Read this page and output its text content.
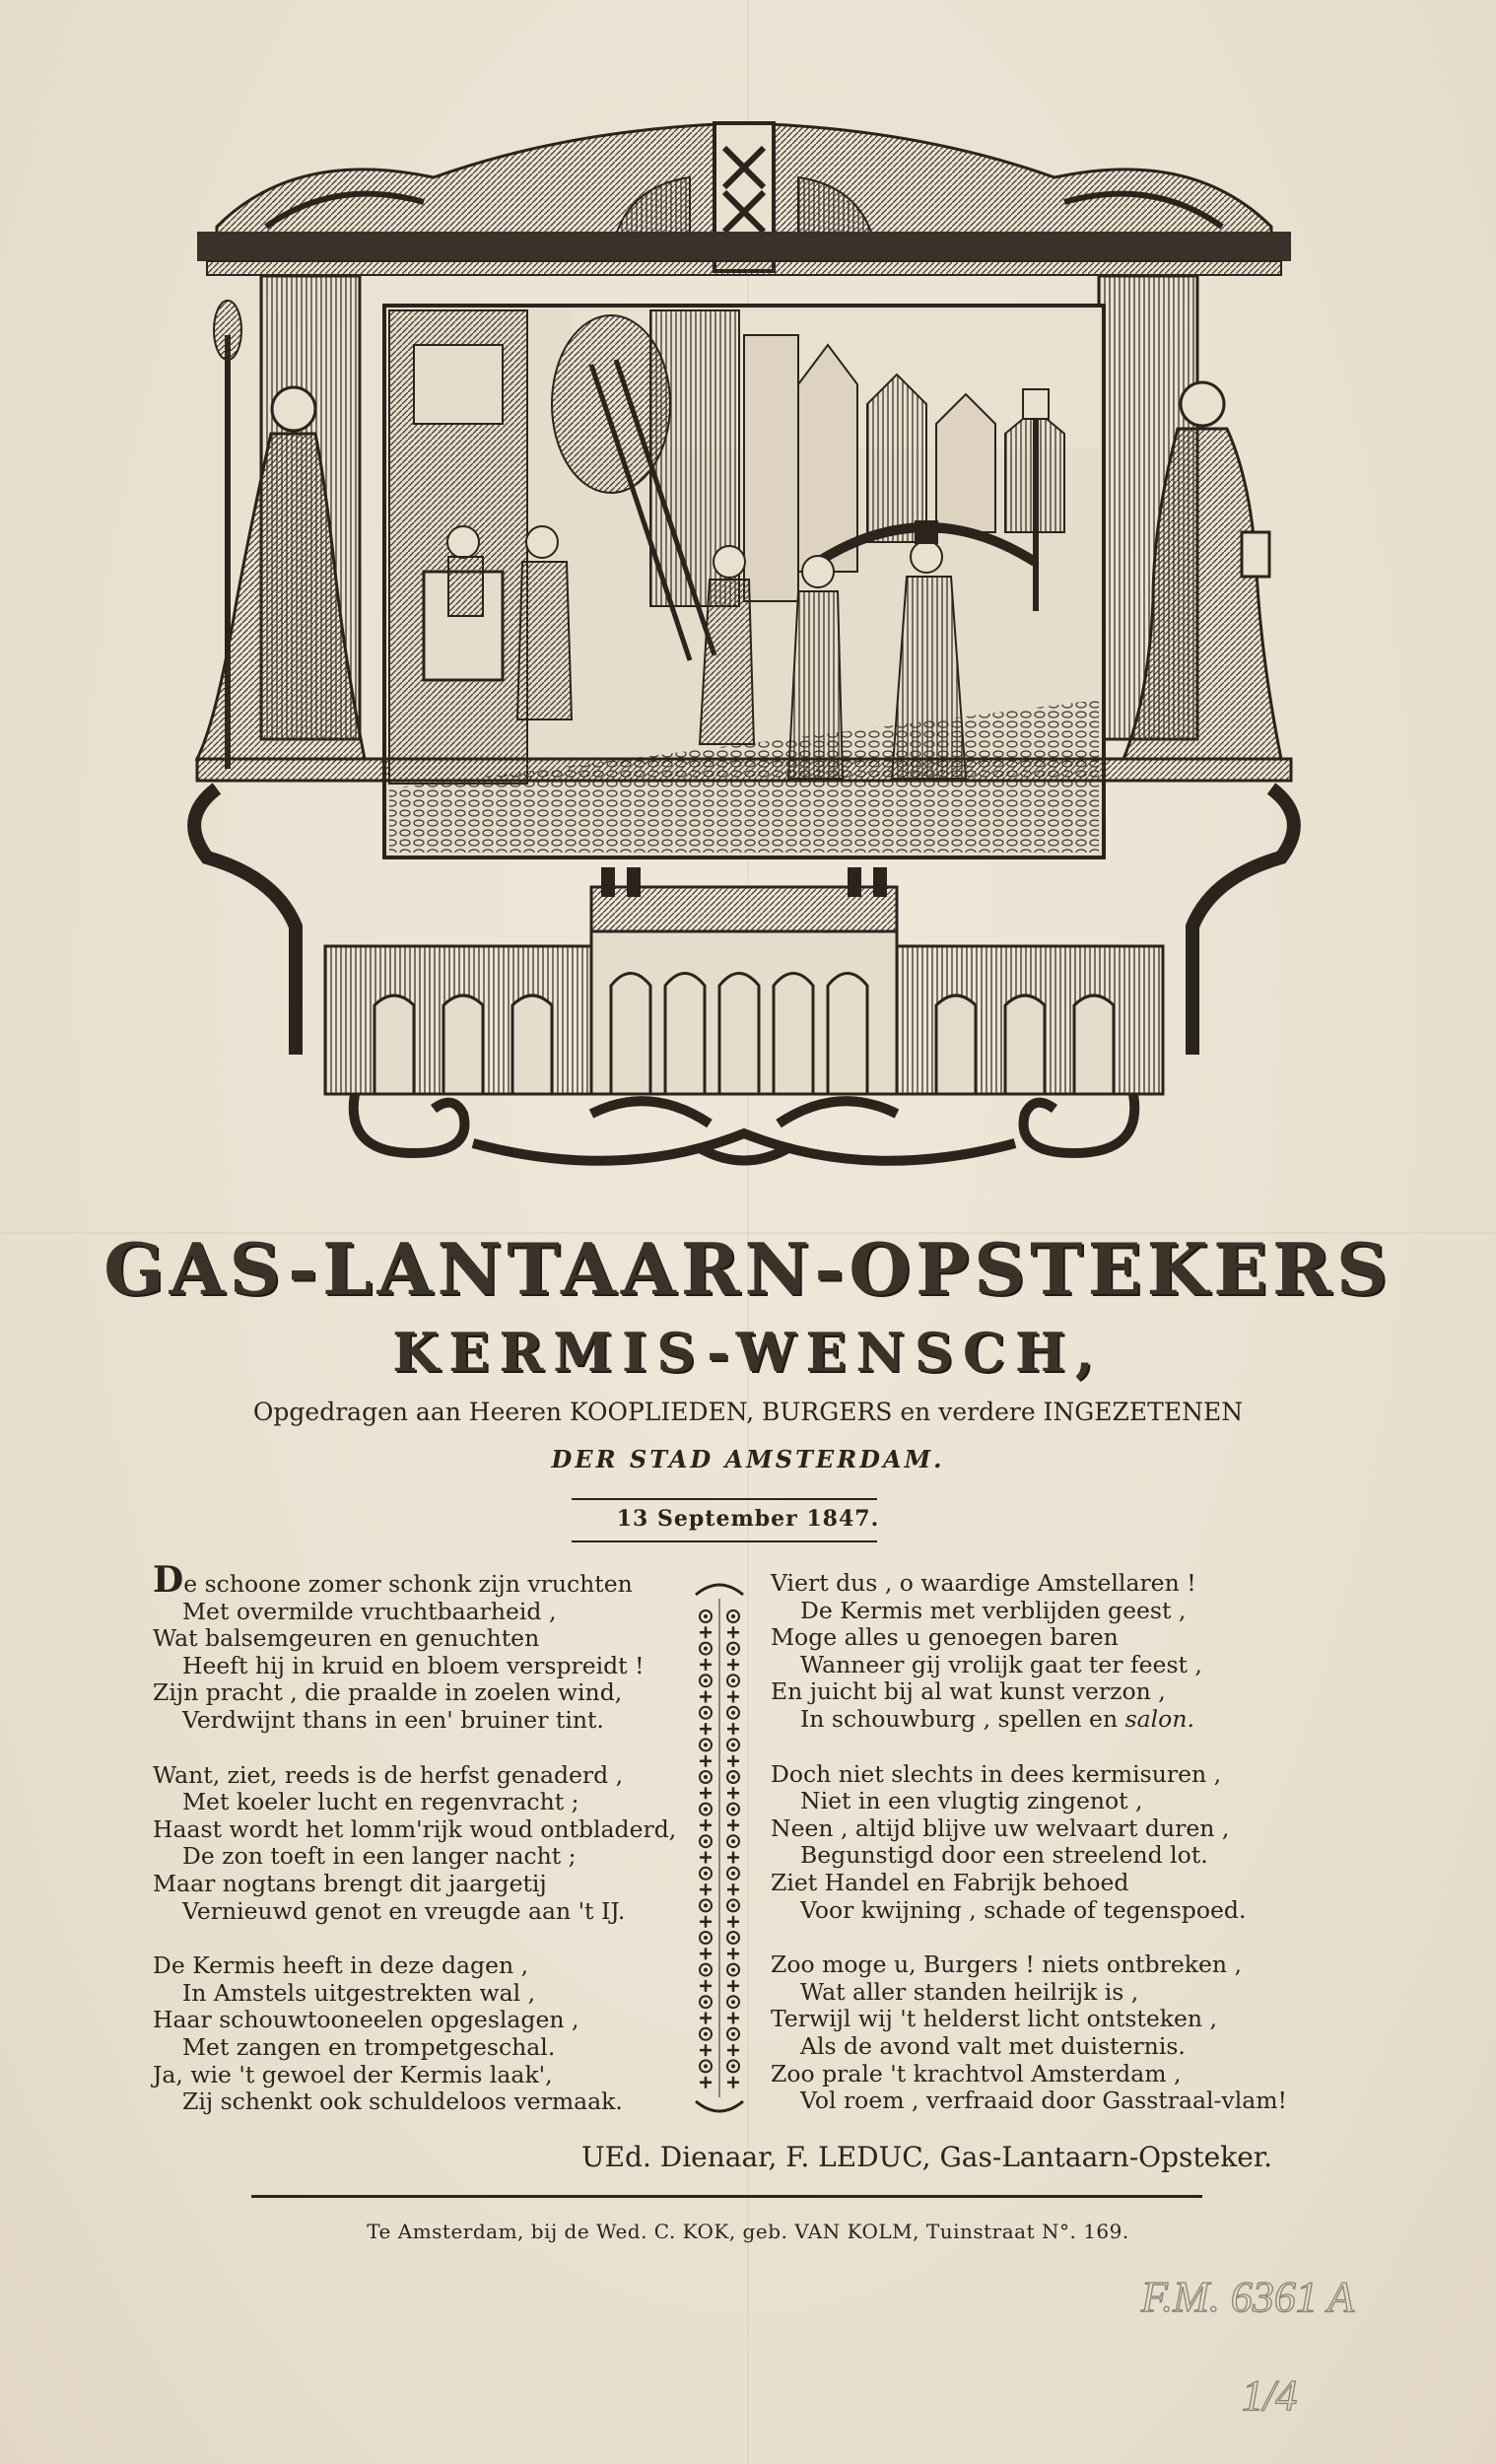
GAS-LANTAARN-OPSTEKERS
KERMIS-WENSCH,
Opgedragen aan Heeren KOOPLIEDEN, BURGERS en verdere INGEZETENEN
DER STAD AMSTERDAM.
13 September 1847.
De schoone zomer schonk zijn vruchten
Met overmilde vruchtbaarheid ,
Wat balsemgeuren en genuchten
Heeft hij in kruid en bloem verspreidt !
Zijn pracht , die praalde in zoelen wind,
Verdwijnt thans in een' bruiner tint.
Want, ziet, reeds is de herfst genaderd ,
Met koeler lucht en regenvracht ;
Haast wordt het lomm'rijk woud ontbladerd,
De zon toeft in een langer nacht ;
Maar nogtans brengt dit jaargetij
Vernieuwd genot en vreugde aan 't IJ.
De Kermis heeft in deze dagen ,
In Amstels uitgestrekten wal ,
Haar schouwtooneelen opgeslagen ,
Met zangen en trompetgeschal.
Ja, wie 't gewoel der Kermis laak',
Zij schenkt ook schuldeloos vermaak.
Viert dus , o waardige Amstellaren !
De Kermis met verblijden geest ,
Moge alles u genoegen baren
Wanneer gij vrolijk gaat ter feest ,
En juicht bij al wat kunst verzon ,
In schouwburg , spellen en salon.
Doch niet slechts in dees kermisuren ,
Niet in een vlugtig zingenot ,
Neen , altijd blijve uw welvaart duren ,
Begunstigd door een streelend lot.
Ziet Handel en Fabrijk behoed
Voor kwijning , schade of tegenspoed.
Zoo moge u, Burgers ! niets ontbreken ,
Wat aller standen heilrijk is ,
Terwijl wij 't helderst licht ontsteken ,
Als de avond valt met duisternis.
Zoo prale 't krachtvol Amsterdam ,
Vol roem , verfraaid door Gasstraal-vlam!
UEd. Dienaar, F. LEDUC, Gas-Lantaarn-Opsteker.
Te Amsterdam, bij de Wed. C. KOK, geb. VAN KOLM, Tuinstraat N°. 169.
F.M. 6361 A
1/4
